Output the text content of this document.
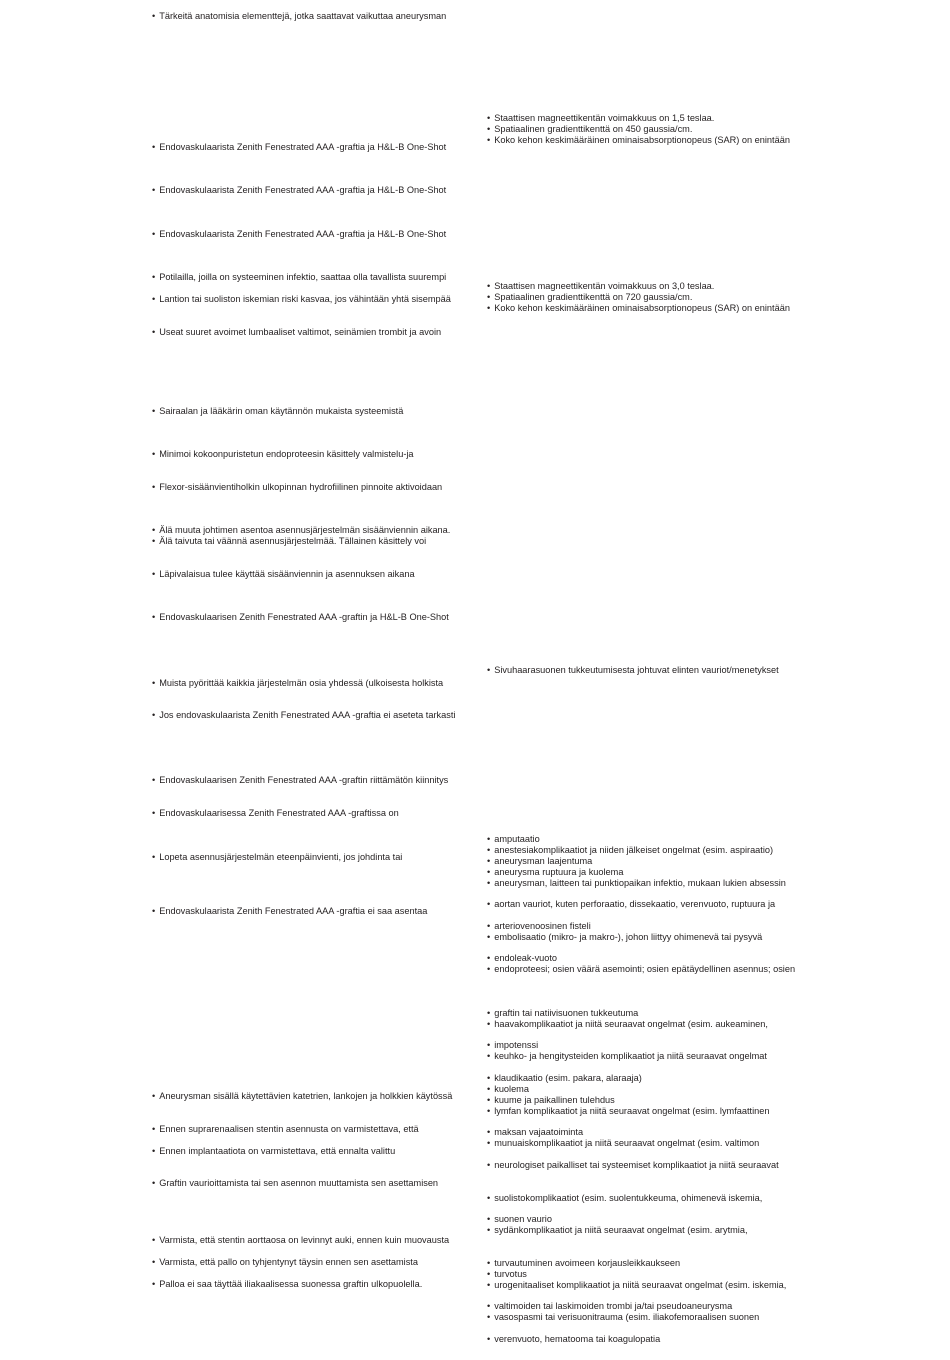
• Tärkeitä anatomisia elementtejä, jotka saattavat vaikuttaa aneurysman
• Endovaskulaarista Zenith Fenestrated AAA -graftia ja H&L-B One-Shot
• Endovaskulaarista Zenith Fenestrated AAA -graftia ja H&L-B One-Shot
• Endovaskulaarista Zenith Fenestrated AAA -graftia ja H&L-B One-Shot
• Potilailla, joilla on systeeminen infektio, saattaa olla tavallista suurempi
• Lantion tai suoliston iskemian riski kasvaa, jos vähintään yhtä sisempää
• Useat suuret avoimet lumbaaliset valtimot, seinämien trombit ja avoin
• Sairaalan ja lääkärin oman käytännön mukaista systeemistä
• Minimoi kokoonpuristetun endoproteesin käsittely valmistelu-ja
• Flexor-sisäänvientiholkin ulkopinnan hydrofiilinen pinnoite aktivoidaan
• Älä muuta johtimen asentoa asennusjärjestelmän sisäänviennin aikana.
• Älä taivuta tai väännä asennusjärjestelmää. Tällainen käsittely voi
• Läpivalaisua tulee käyttää sisäänviennin ja asennuksen aikana
• Endovaskulaarisen Zenith Fenestrated AAA -graftin ja H&L-B One-Shot
• Muista pyörittää kaikkia järjestelmän osia yhdessä (ulkoisesta holkista
• Jos endovaskulaarista Zenith Fenestrated AAA -graftia ei aseteta tarkasti
• Endovaskulaarisen Zenith Fenestrated AAA -graftin riittämätön kiinnitys
• Endovaskulaarisessa Zenith Fenestrated AAA -graftissa on
• Lopeta asennusjärjestelmän eteenpäinvienti, jos johdinta tai
• Endovaskulaarista Zenith Fenestrated AAA -graftia ei saa asentaa
• Aneurysman sisällä käytettävien katetrien, lankojen ja holkkien käytössä
• Ennen suprarenaalisen stentin asennusta on varmistettava, että
• Ennen implantaatiota on varmistettava, että ennalta valittu
• Graftin vaurioittamista tai sen asennon muuttamista sen asettamisen
• Varmista, että stentin aorttaosa on levinnyt auki, ennen kuin muovausta
• Varmista, että pallo on tyhjentynyt täysin ennen sen asettamista
• Palloa ei saa täyttää iliakaalisessa suonessa graftin ulkopuolella.
• Staattisen magneettikentän voimakkuus on 1,5 teslaa.
• Spatiaalinen gradienttikenttä on 450 gaussia/cm.
• Koko kehon keskimääräinen ominaisabsorptionopeus (SAR) on enintään
• Staattisen magneettikentän voimakkuus on 3,0 teslaa.
• Spatiaalinen gradienttikenttä on 720 gaussia/cm.
• Koko kehon keskimääräinen ominaisabsorptionopeus (SAR) on enintään
• Sivuhaarasuonen tukkeutumisesta johtuvat elinten vauriot/menetykset
• amputaatio
• anestesiakomplikaatiot ja niiden jälkeiset ongelmat (esim. aspiraatio)
• aneurysman laajentuma
• aneurysma ruptuura ja kuolema
• aneurysman, laitteen tai punktiopaikan infektio, mukaan lukien absessin
• aortan vauriot, kuten perforaatio, dissekaatio, verenvuoto, ruptuura ja
• arteriovenoosinen fisteli
• embolisaatio (mikro- ja makro-), johon liittyy ohimenevä tai pysyvä
• endoleak-vuoto
• endoproteesi; osien väärä asemointi; osien epätäydellinen asennus; osien
• graftin tai natiivisuonen tukkeutuma
• haavakomplikaatiot ja niitä seuraavat ongelmat (esim. aukeaminen,
• impotenssi
• keuhko- ja hengitysteiden komplikaatiot ja niitä seuraavat ongelmat
• klaudikaatio (esim. pakara, alaraaja)
• kuolema
• kuume ja paikallinen tulehdus
• lymfan komplikaatiot ja niitä seuraavat ongelmat (esim. lymfaattinen
• maksan vajaatoiminta
• munuaiskomplikaatiot ja niitä seuraavat ongelmat (esim. valtimon
• neurologiset paikalliset tai systeemiset komplikaatiot ja niitä seuraavat
• suolistokomplikaatiot (esim. suolentukkeuma, ohimenevä iskemia,
• suonen vaurio
• sydänkomplikaatiot ja niitä seuraavat ongelmat (esim. arytmia,
• turvautuminen avoimeen korjausleikkaukseen
• turvotus
• urogenitaaliset komplikaatiot ja niitä seuraavat ongelmat (esim. iskemia,
• valtimoiden tai laskimoiden trombi ja/tai pseudoaneurysma
• vasospasmi tai verisuonitrauma (esim. iliakofemoraalisen suonen
• verenvuoto, hematooma tai koagulopatia
